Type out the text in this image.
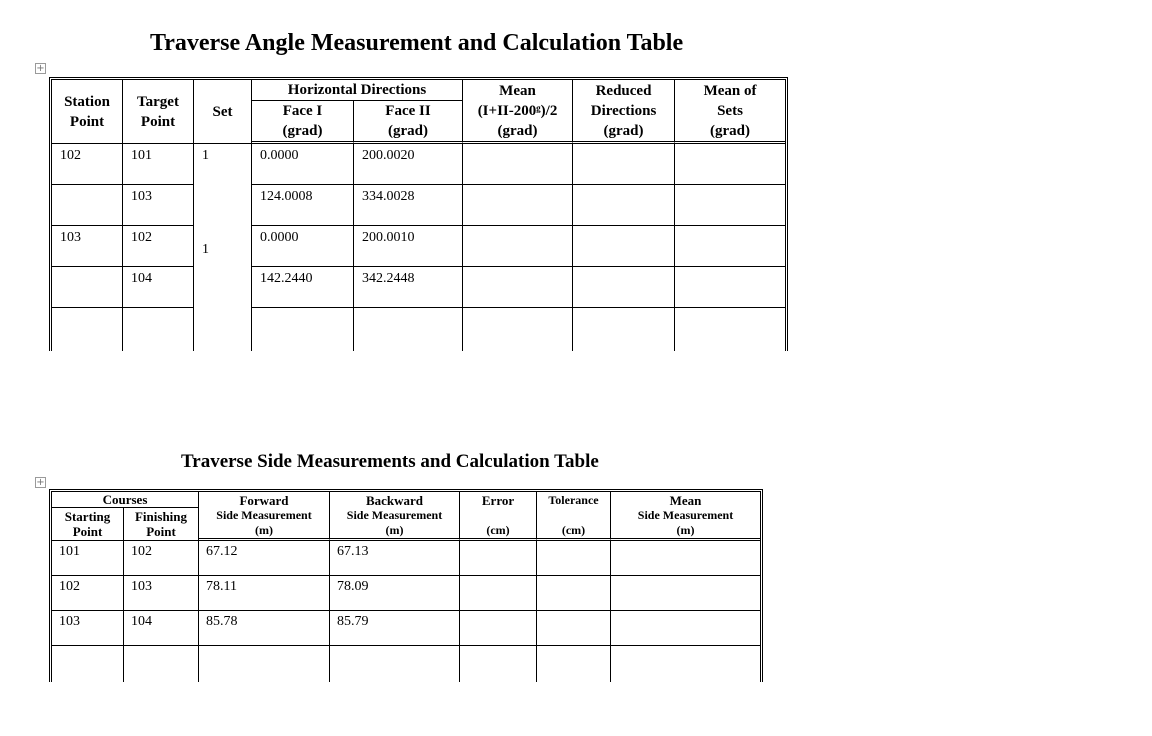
Traverse Angle Measurement and Calculation Table
+
Station Point	Target Point	Set	Horizontal Directions		Mean	Reduced	Mean of
			Face I	Face II	(I+II-200ᵍ)/2	Directions	Sets
			(grad)	(grad)	(grad)	(grad)	(grad)
102	101	1	0.0000	200.0020			
	103		124.0008	334.0028			
103	102	1	0.0000	200.0010			
	104		142.2440	342.2448			

Traverse Side Measurements and Calculation Table
+
Courses		Forward	Backward	Error	Tolerance	Mean
Starting Point	Finishing Point	Side Measurement	Side Measurement			Side Measurement
		(m)	(m)	(cm)	(cm)	(m)
101	102	67.12	67.13			
102	103	78.11	78.09			
103	104	85.78	85.79			
